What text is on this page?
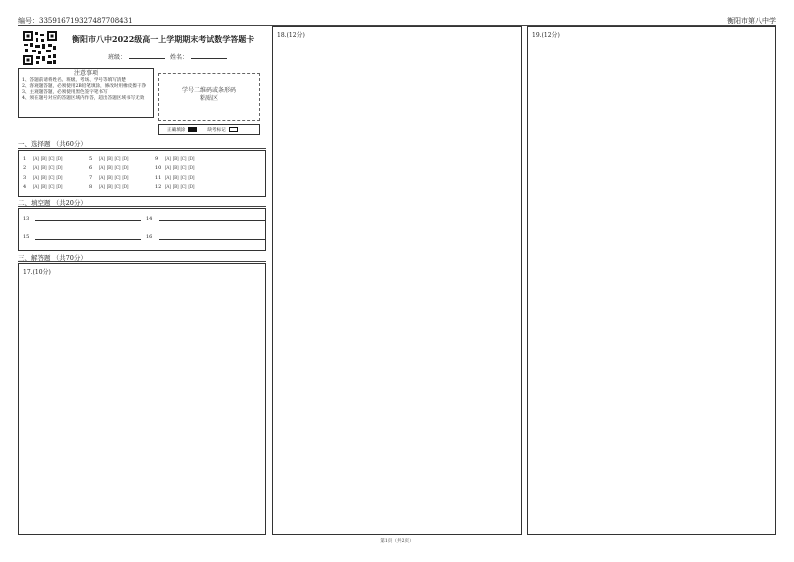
编号：335916719327487708431	衡阳市第八中学
衡阳市八中2022级高一上学期期末考试数学答题卡
班级：	姓名：
注意事项
1、答题前请将姓名、班级、考场、学号等填写清楚
2、客观题答题，必须使用2B铅笔填涂，修改时用橡皮擦干净
3、主观题答题，必须使用黑色签字笔书写
4、须在题号对应的答题区域内作答，超出答题区域书写无效
学号二维码或条形码
粘贴区
正确填涂	缺考标记
一、选择题 （共60分）
1	[A] [B] [C] [D]	5	[A] [B] [C] [D]	9	[A] [B] [C] [D]
2	[A] [B] [C] [D]	6	[A] [B] [C] [D]	10 [A] [B] [C] [D]
3	[A] [B] [C] [D]	7	[A] [B] [C] [D]	11 [A] [B] [C] [D]
4	[A] [B] [C] [D]	8	[A] [B] [C] [D]	12 [A] [B] [C] [D]
二、填空题 （共20分）
13	14
15	16
三、解答题 （共70分）
17.(10分)
18.(12分)	19.(12分)
第1页（共2页）
